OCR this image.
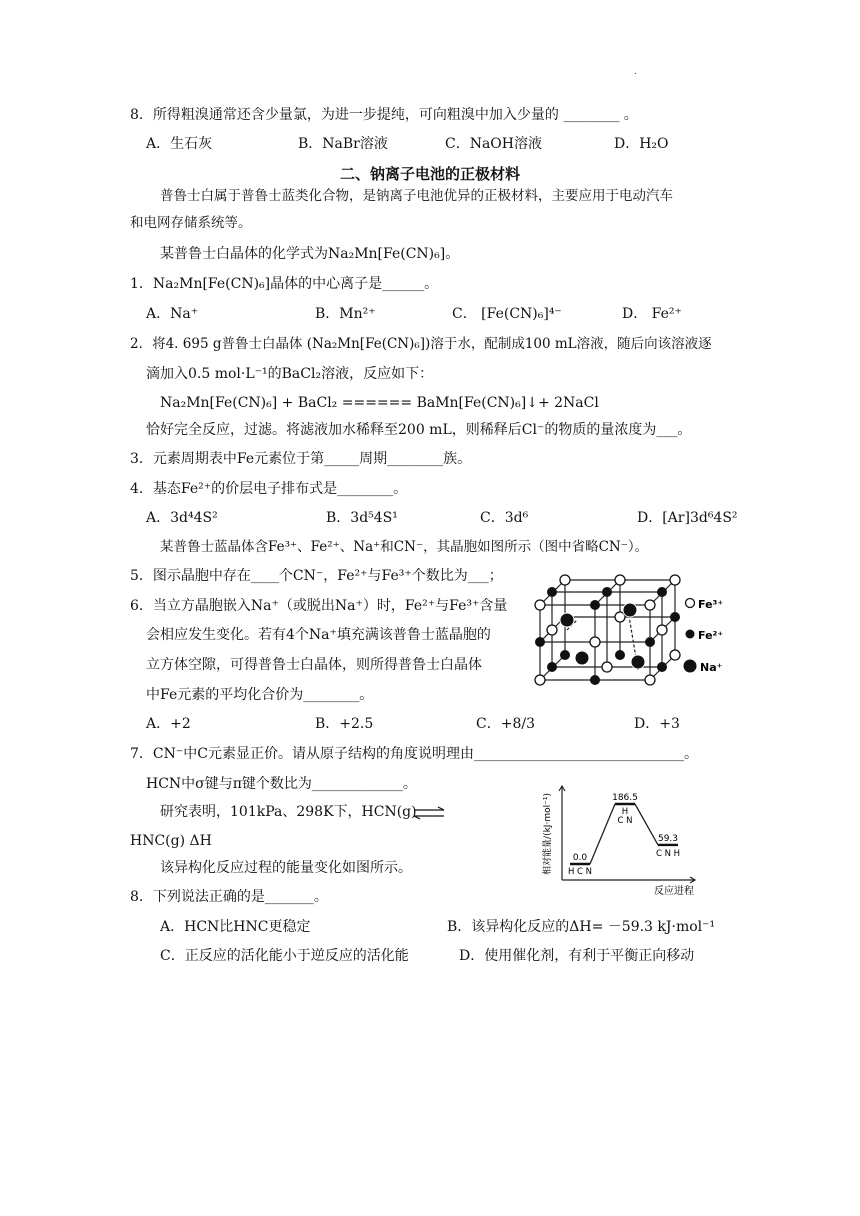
.
8．所得粗溴通常还含少量氯，为进一步提纯，可向粗溴中加入少量的 ________ 。
A．生石灰	B．NaBr溶液	C．NaOH溶液	D．H₂O
二、钠离子电池的正极材料
普鲁士白属于普鲁士蓝类化合物，是钠离子电池优异的正极材料，主要应用于电动汽车
和电网存储系统等。
某普鲁士白晶体的化学式为Na₂Mn[Fe(CN)₆]。
1．Na₂Mn[Fe(CN)₆]晶体的中心离子是______。
A．Na⁺	B．Mn²⁺	C． [Fe(CN)₆]⁴⁻	D． Fe²⁺
2．将4. 695 g普鲁士白晶体 (Na₂Mn[Fe(CN)₆])溶于水，配制成100 mL溶液，随后向该溶液逐
滴加入0.5 mol·L⁻¹的BaCl₂溶液，反应如下：
Na₂Mn[Fe(CN)₆] + BaCl₂ ====== BaMn[Fe(CN)₆]↓+ 2NaCl
恰好完全反应，过滤。将滤液加水稀释至200 mL，则稀释后Cl⁻的物质的量浓度为___。
3．元素周期表中Fe元素位于第_____周期________族。
4．基态Fe²⁺的价层电子排布式是________。
A．3d⁴4S²	B．3d⁵4S¹	C．3d⁶	D．[Ar]3d⁶4S²
某普鲁士蓝晶体含Fe³⁺、Fe²⁺、Na⁺和CN⁻，其晶胞如图所示（图中省略CN⁻）。
5．图示晶胞中存在____个CN⁻，Fe²⁺与Fe³⁺个数比为___；
6．当立方晶胞嵌入Na⁺（或脱出Na⁺）时，Fe²⁺与Fe³⁺含量
会相应发生变化。若有4个Na⁺填充满该普鲁士蓝晶胞的
立方体空隙，可得普鲁士白晶体，则所得普鲁士白晶体
中Fe元素的平均化合价为________。
A．+2	B．+2.5	C．+8/3	D．+3
Fe³⁺
Fe²⁺
Na⁺
7．CN⁻中C元素显正价。请从原子结构的角度说明理由______________________________。
HCN中σ键与π键个数比为_____________。
研究表明，101kPa、298K下，HCN(g)
HNC(g) ΔH
该异构化反应过程的能量变化如图所示。
0.0
186.5
59.3
H C N
H
C N
C N H
相对能量/(kJ·mol⁻¹)
反应进程
8．下列说法正确的是_______。
A．HCN比HNC更稳定	B．该异构化反应的ΔH= －59.3 kJ·mol⁻¹
C．正反应的活化能小于逆反应的活化能	D．使用催化剂，有利于平衡正向移动
